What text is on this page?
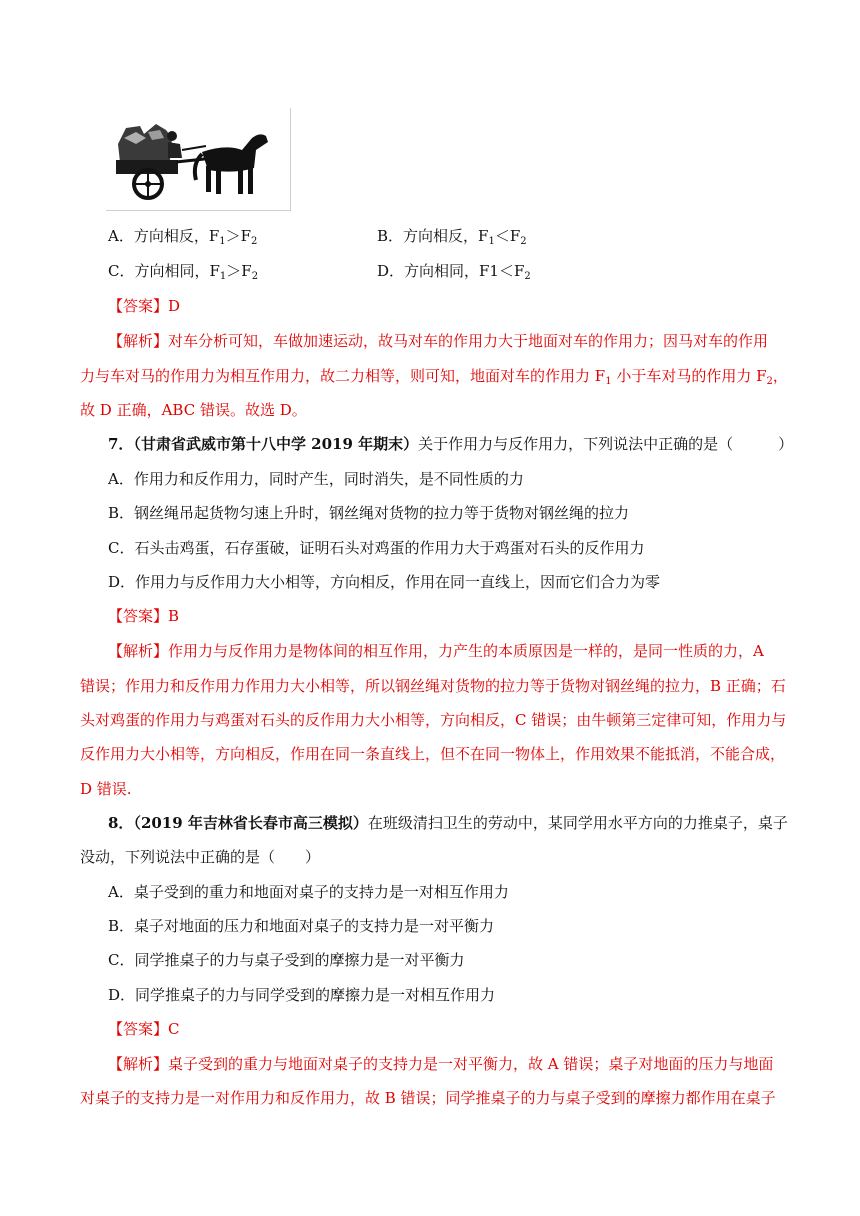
A．方向相反，$F_1>F_2$	B．方向相反，$F_1<F_2$
C．方向相同，$F_1>F_2$	D．方向相同，$F1<F_2$
【答案】D
【解析】对车分析可知，车做加速运动，故马对车的作用力大于地面对车的作用力；因马对车的作用
力与车对马的作用力为相互作用力，故二力相等，则可知，地面对车的作用力 $F_1$ 小于车对马的作用力 $F_2$，
故 D 正确，ABC 错误。故选 D。
7．（甘肃省武威市第十八中学 2019 年期末）关于作用力与反作用力，下列说法中正确的是（　　　）
A．作用力和反作用力，同时产生，同时消失，是不同性质的力
B．钢丝绳吊起货物匀速上升时，钢丝绳对货物的拉力等于货物对钢丝绳的拉力
C．石头击鸡蛋，石存蛋破，证明石头对鸡蛋的作用力大于鸡蛋对石头的反作用力
D．作用力与反作用力大小相等，方向相反，作用在同一直线上，因而它们合力为零
【答案】B
【解析】作用力与反作用力是物体间的相互作用，力产生的本质原因是一样的，是同一性质的力，A
错误；作用力和反作用力作用力大小相等，所以钢丝绳对货物的拉力等于货物对钢丝绳的拉力，B 正确；石
头对鸡蛋的作用力与鸡蛋对石头的反作用力大小相等，方向相反，C 错误；由牛顿第三定律可知，作用力与
反作用力大小相等，方向相反，作用在同一条直线上，但不在同一物体上，作用效果不能抵消，不能合成，
D 错误.
8．（2019 年吉林省长春市高三模拟）在班级清扫卫生的劳动中，某同学用水平方向的力推桌子，桌子
没动，下列说法中正确的是（　　）
A．桌子受到的重力和地面对桌子的支持力是一对相互作用力
B．桌子对地面的压力和地面对桌子的支持力是一对平衡力
C．同学推桌子的力与桌子受到的摩擦力是一对平衡力
D．同学推桌子的力与同学受到的摩擦力是一对相互作用力
【答案】C
【解析】桌子受到的重力与地面对桌子的支持力是一对平衡力，故 A 错误；桌子对地面的压力与地面
对桌子的支持力是一对作用力和反作用力，故 B 错误；同学推桌子的力与桌子受到的摩擦力都作用在桌子
